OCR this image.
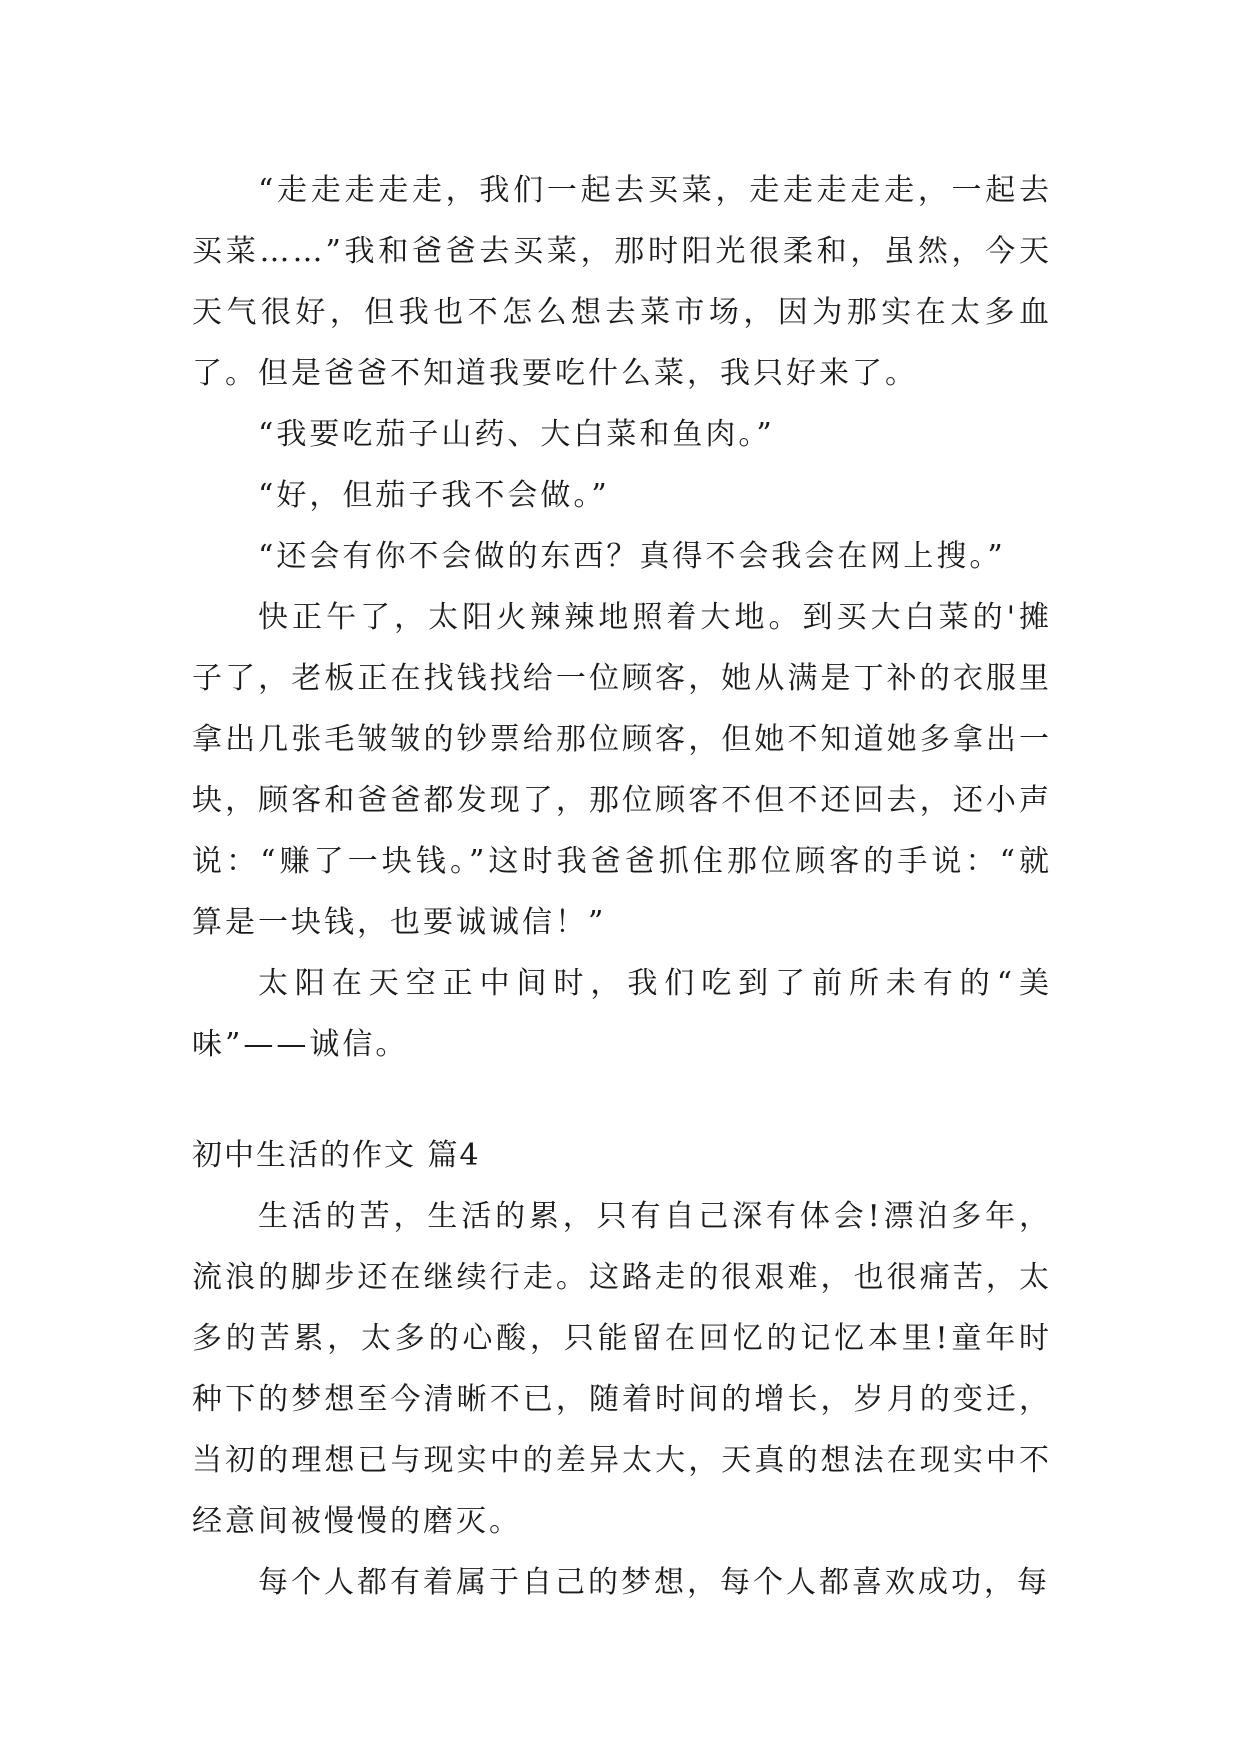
“走走走走走，我们一起去买菜，走走走走走，一起去买菜……”我和爸爸去买菜，那时阳光很柔和，虽然，今天天气很好，但我也不怎么想去菜市场，因为那实在太多血了。但是爸爸不知道我要吃什么菜，我只好来了。

“我要吃茄子山药、大白菜和鱼肉。”

“好，但茄子我不会做。”

“还会有你不会做的东西？真得不会我会在网上搜。”

快正午了，太阳火辣辣地照着大地。到买大白菜的'摊子了，老板正在找钱找给一位顾客，她从满是丁补的衣服里拿出几张毛皱皱的钞票给那位顾客，但她不知道她多拿出一块，顾客和爸爸都发现了，那位顾客不但不还回去，还小声说：“赚了一块钱。”这时我爸爸抓住那位顾客的手说：“就算是一块钱，也要诚诚信！”

太阳在天空正中间时，我们吃到了前所未有的“美味”——诚信。

初中生活的作文 篇4

生活的苦，生活的累，只有自己深有体会!漂泊多年，流浪的脚步还在继续行走。这路走的很艰难，也很痛苦，太多的苦累，太多的心酸，只能留在回忆的记忆本里!童年时种下的梦想至今清晰不已，随着时间的增长，岁月的变迁，当初的理想已与现实中的差异太大，天真的想法在现实中不经意间被慢慢的磨灭。

每个人都有着属于自己的梦想，每个人都喜欢成功，每
